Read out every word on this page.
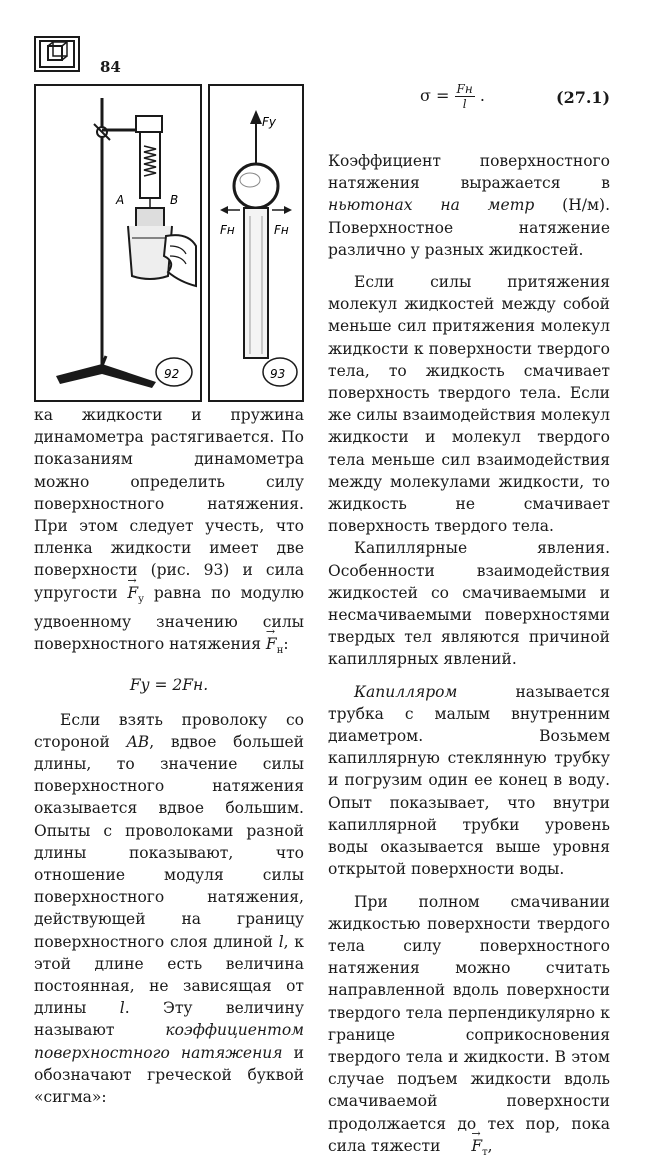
84
A	B
92
Fy
Fн	Fн
93
$\sigma = \frac{Fн}{l}$ .	(27.1)

ка жидкости и пружина динамометра растягивается. По показаниям динамометра можно определить силу поверхностного натяжения. При этом следует учесть, что пленка жидкости имеет две поверхности (рис. 93) и сила упругости → $F_у$ равна по модулю удвоенному значению силы поверхностного натяжения → $F_н$:

Fу = 2Fн.

Если взять проволоку со стороной AB, вдвое большей длины, то значение силы поверхностного натяжения оказывается вдвое большим. Опыты с проволоками разной длины показывают, что отношение модуля силы поверхностного натяжения, действующей на границу поверхностного слоя длиной l, к этой длине есть величина постоянная, не зависящая от длины l. Эту величину называют коэффициентом поверхностного натяжения и обозначают греческой буквой «сигма»:

Коэффициент поверхностного натяжения выражается в ньютонах на метр (Н/м). Поверхностное натяжение различно у разных жидкостей.

Если силы притяжения молекул жидкостей между собой меньше сил притяжения молекул жидкости к поверхности твердого тела, то жидкость смачивает поверхность твердого тела. Если же силы взаимодействия молекул жидкости и молекул твердого тела меньше сил взаимодействия между молекулами жидкости, то жидкость не смачивает поверхность твердого тела.

Капиллярные явления. Особенности взаимодействия жидкостей со смачиваемыми и несмачиваемыми поверхностями твердых тел являются причиной капиллярных явлений.

Капилляром называется трубка с малым внутренним диаметром. Возьмем капиллярную стеклянную трубку и погрузим один ее конец в воду. Опыт показывает, что внутри капиллярной трубки уровень воды оказывается выше уровня открытой поверхности воды.

При полном смачивании жидкостью поверхности твердого тела силу поверхностного натяжения можно считать направленной вдоль поверхности твердого тела перпендикулярно к границе соприкосновения твердого тела и жидкости. В этом случае подъем жидкости вдоль смачиваемой поверхности продолжается до тех пор, пока сила тяжести → $F_т$,
